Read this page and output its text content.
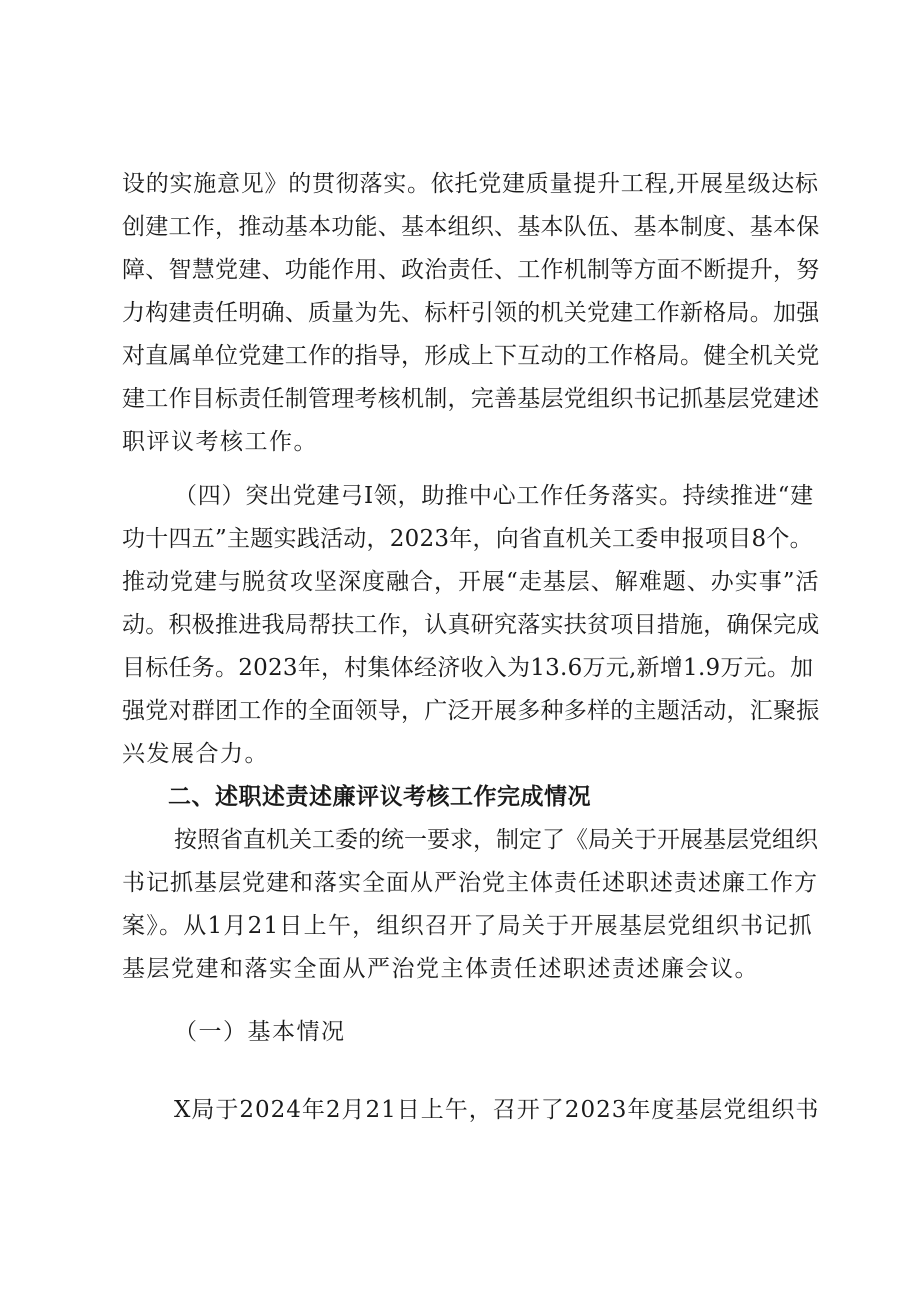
设的实施意见》的贯彻落实。依托党建质量提升工程,开展星级达标
创建工作，推动基本功能、基本组织、基本队伍、基本制度、基本保
障、智慧党建、功能作用、政治责任、工作机制等方面不断提升，努
力构建责任明确、质量为先、标杆引领的机关党建工作新格局。加强
对直属单位党建工作的指导，形成上下互动的工作格局。健全机关党
建工作目标责任制管理考核机制，完善基层党组织书记抓基层党建述
职评议考核工作。
（四）突出党建弓I领，助推中心工作任务落实。持续推进“建
功十四五”主题实践活动，2023年，向省直机关工委申报项目8个。
推动党建与脱贫攻坚深度融合，开展“走基层、解难题、办实事”活
动。积极推进我局帮扶工作，认真研究落实扶贫项目措施，确保完成
目标任务。2023年，村集体经济收入为13.6万元,新增1.9万元。加
强党对群团工作的全面领导，广泛开展多种多样的主题活动，汇聚振
兴发展合力。
二、述职述责述廉评议考核工作完成情况
按照省直机关工委的统一要求，制定了《局关于开展基层党组织
书记抓基层党建和落实全面从严治党主体责任述职述责述廉工作方
案》。从1月21日上午，组织召开了局关于开展基层党组织书记抓
基层党建和落实全面从严治党主体责任述职述责述廉会议。
（一）基本情况
X局于2024年2月21日上午，召开了2023年度基层党组织书
